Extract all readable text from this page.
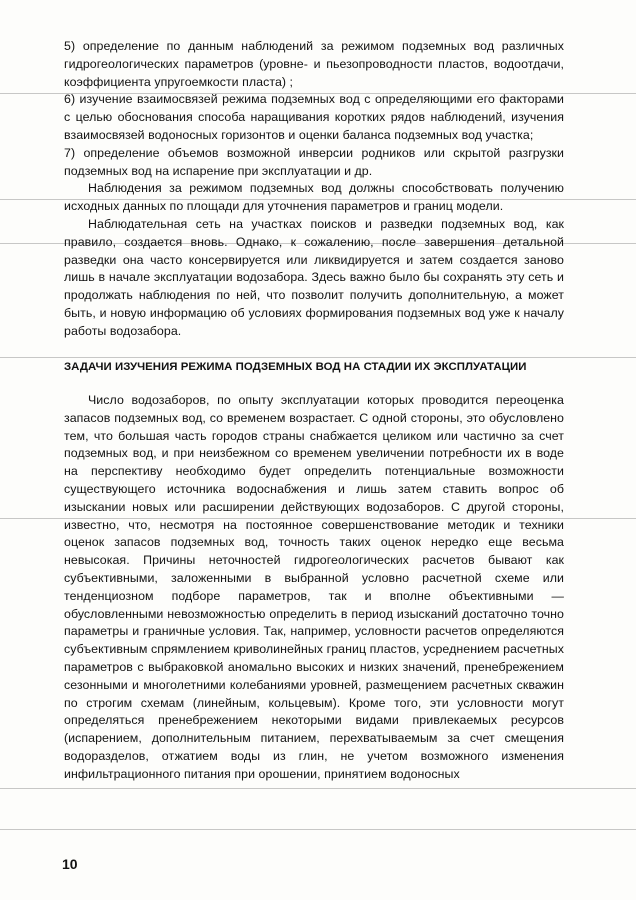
5) определение по данным наблюдений за режимом подземных вод различных гидрогеологических параметров (уровне- и пьезопроводности пластов, водоотдачи, коэффициента упругоемкости пласта) ;

6) изучение взаимосвязей режима подземных вод с определяющими его факторами с целью обоснования способа наращивания коротких рядов наблюдений, изучения взаимосвязей водоносных горизонтов и оценки баланса подземных вод участка;

7) определение объемов возможной инверсии родников или скрытой разгрузки подземных вод на испарение при эксплуатации и др.

Наблюдения за режимом подземных вод должны способствовать получению исходных данных по площади для уточнения параметров и границ модели.

Наблюдательная сеть на участках поисков и разведки подземных вод, как правило, создается вновь. Однако, к сожалению, после завершения детальной разведки она часто консервируется или ликвидируется и затем создается заново лишь в начале эксплуатации водозабора. Здесь важно было бы сохранять эту сеть и продолжать наблюдения по ней, что позволит получить дополнительную, а может быть, и новую информацию об условиях формирования подземных вод уже к началу работы водозабора.

ЗАДАЧИ ИЗУЧЕНИЯ РЕЖИМА ПОДЗЕМНЫХ ВОД НА СТАДИИ ИХ ЭКСПЛУАТАЦИИ

Число водозаборов, по опыту эксплуатации которых проводится переоценка запасов подземных вод, со временем возрастает. С одной стороны, это обусловлено тем, что большая часть городов страны снабжается целиком или частично за счет подземных вод, и при неизбежном со временем увеличении потребности их в воде на перспективу необходимо будет определить потенциальные возможности существующего источника водоснабжения и лишь затем ставить вопрос об изыскании новых или расширении действующих водозаборов. С другой стороны, известно, что, несмотря на постоянное совершенствование методик и техники оценок запасов подземных вод, точность таких оценок нередко еще весьма невысокая. Причины неточностей гидрогеологических расчетов бывают как субъективными, заложенными в выбранной условно расчетной схеме или тенденциозном подборе параметров, так и вполне объективными — обусловленными невозможностью определить в период изысканий достаточно точно параметры и граничные условия. Так, например, условности расчетов определяются субъективным спрямлением криволинейных границ пластов, усреднением расчетных параметров с выбраковкой аномально высоких и низких значений, пренебрежением сезонными и многолетними колебаниями уровней, размещением расчетных скважин по строгим схемам (линейным, кольцевым). Кроме того, эти условности могут определяться пренебрежением некоторыми видами привлекаемых ресурсов (испарением, дополнительным питанием, перехватываемым за счет смещения водоразделов, отжатием воды из глин, не учетом возможного изменения инфильтрационного питания при орошении, принятием водоносных

10
